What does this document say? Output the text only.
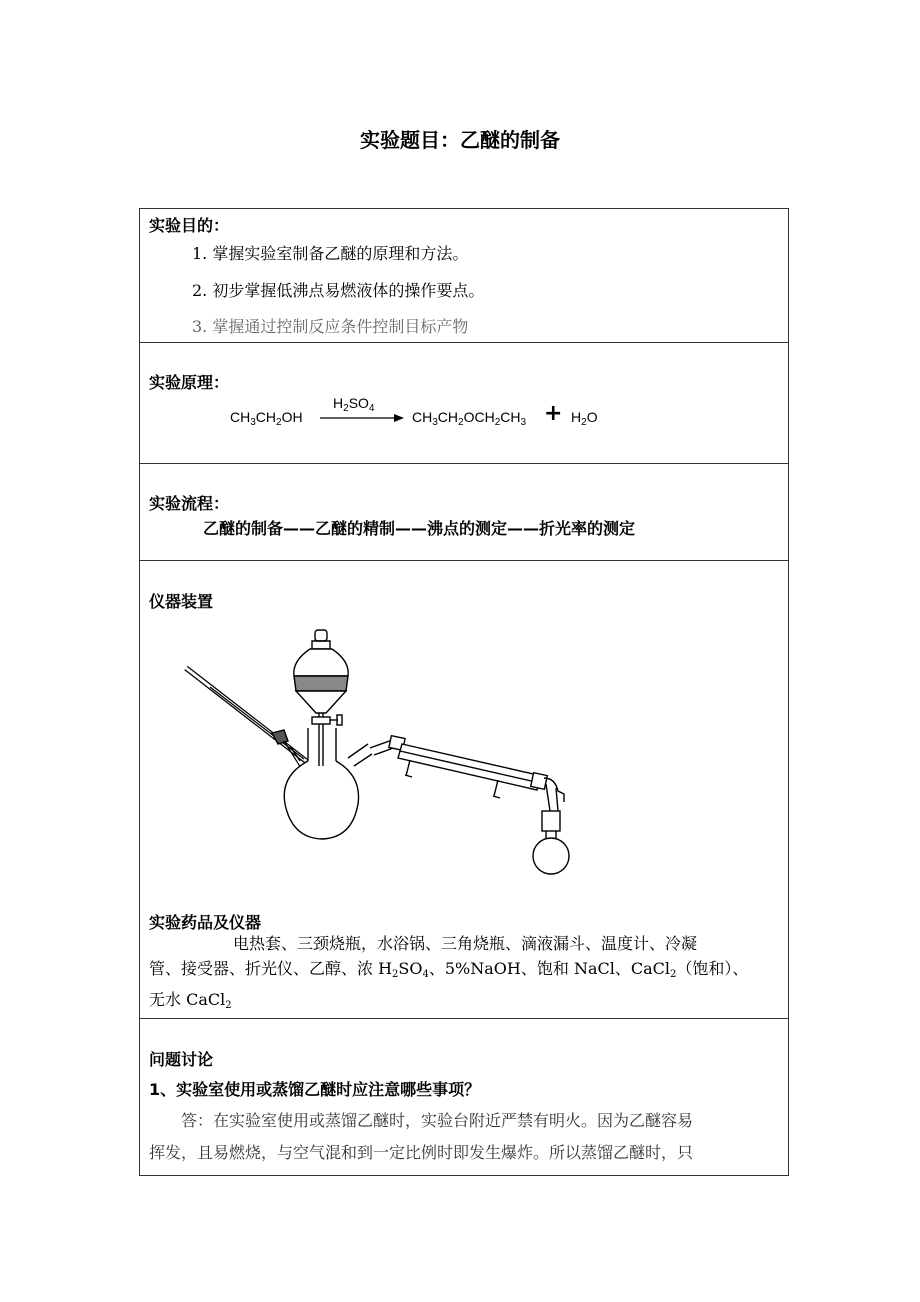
实验题目：乙醚的制备
实验目的：
1. 掌握实验室制备乙醚的原理和方法。
2. 初步掌握低沸点易燃液体的操作要点。
3. 掌握通过控制反应条件控制目标产物
实验原理：
$CH_3CH_2OH$
$H_2SO_4$
$CH_3CH_2OCH_2CH_3 + H_2O$
实验流程：
乙醚的制备——乙醚的精制——沸点的测定——折光率的测定
仪器装置
实验药品及仪器
电热套、三颈烧瓶，水浴锅、三角烧瓶、滴液漏斗、温度计、冷凝
管、接受器、折光仪、乙醇、浓 $H_2SO_4$、5%NaOH、饱和 NaCl、CaCl$_2$（饱和）、
无水 CaCl$_2$
问题讨论
1、实验室使用或蒸馏乙醚时应注意哪些事项？
答：在实验室使用或蒸馏乙醚时，实验台附近严禁有明火。因为乙醚容易
挥发，且易燃烧，与空气混和到一定比例时即发生爆炸。所以蒸馏乙醚时，只
